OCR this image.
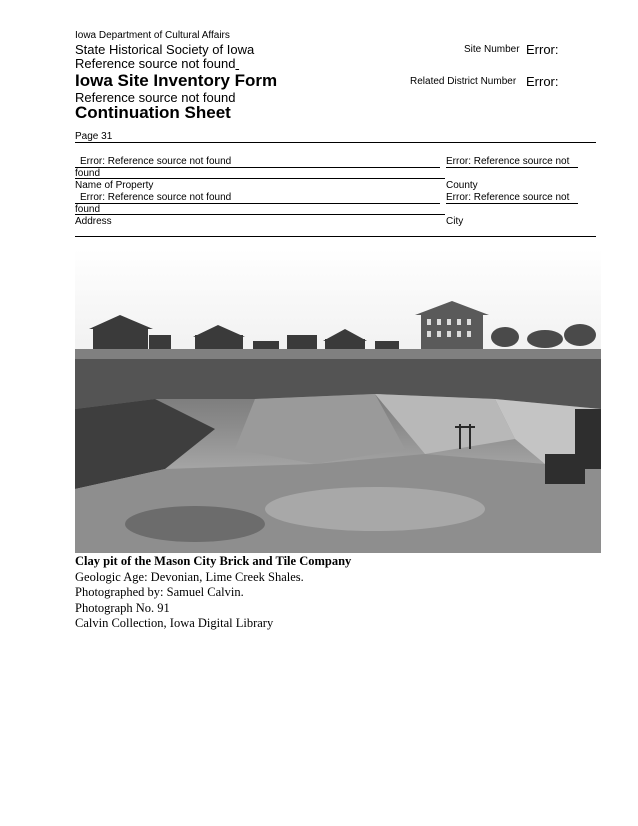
Iowa Department of Cultural Affairs
State Historical Society of Iowa
Reference source not found
Iowa Site Inventory Form
Reference source not found
Continuation Sheet
Site Number Error:
Related District Number Error:
Page 31
Error: Reference source not found	Error: Reference source not
found
Name of Property	County
Error: Reference source not found	Error: Reference source not
found
Address	City
Clay pit of the Mason City Brick and Tile Company
Geologic Age: Devonian, Lime Creek Shales.
Photographed by: Samuel Calvin.
Photograph No. 91
Calvin Collection, Iowa Digital Library
